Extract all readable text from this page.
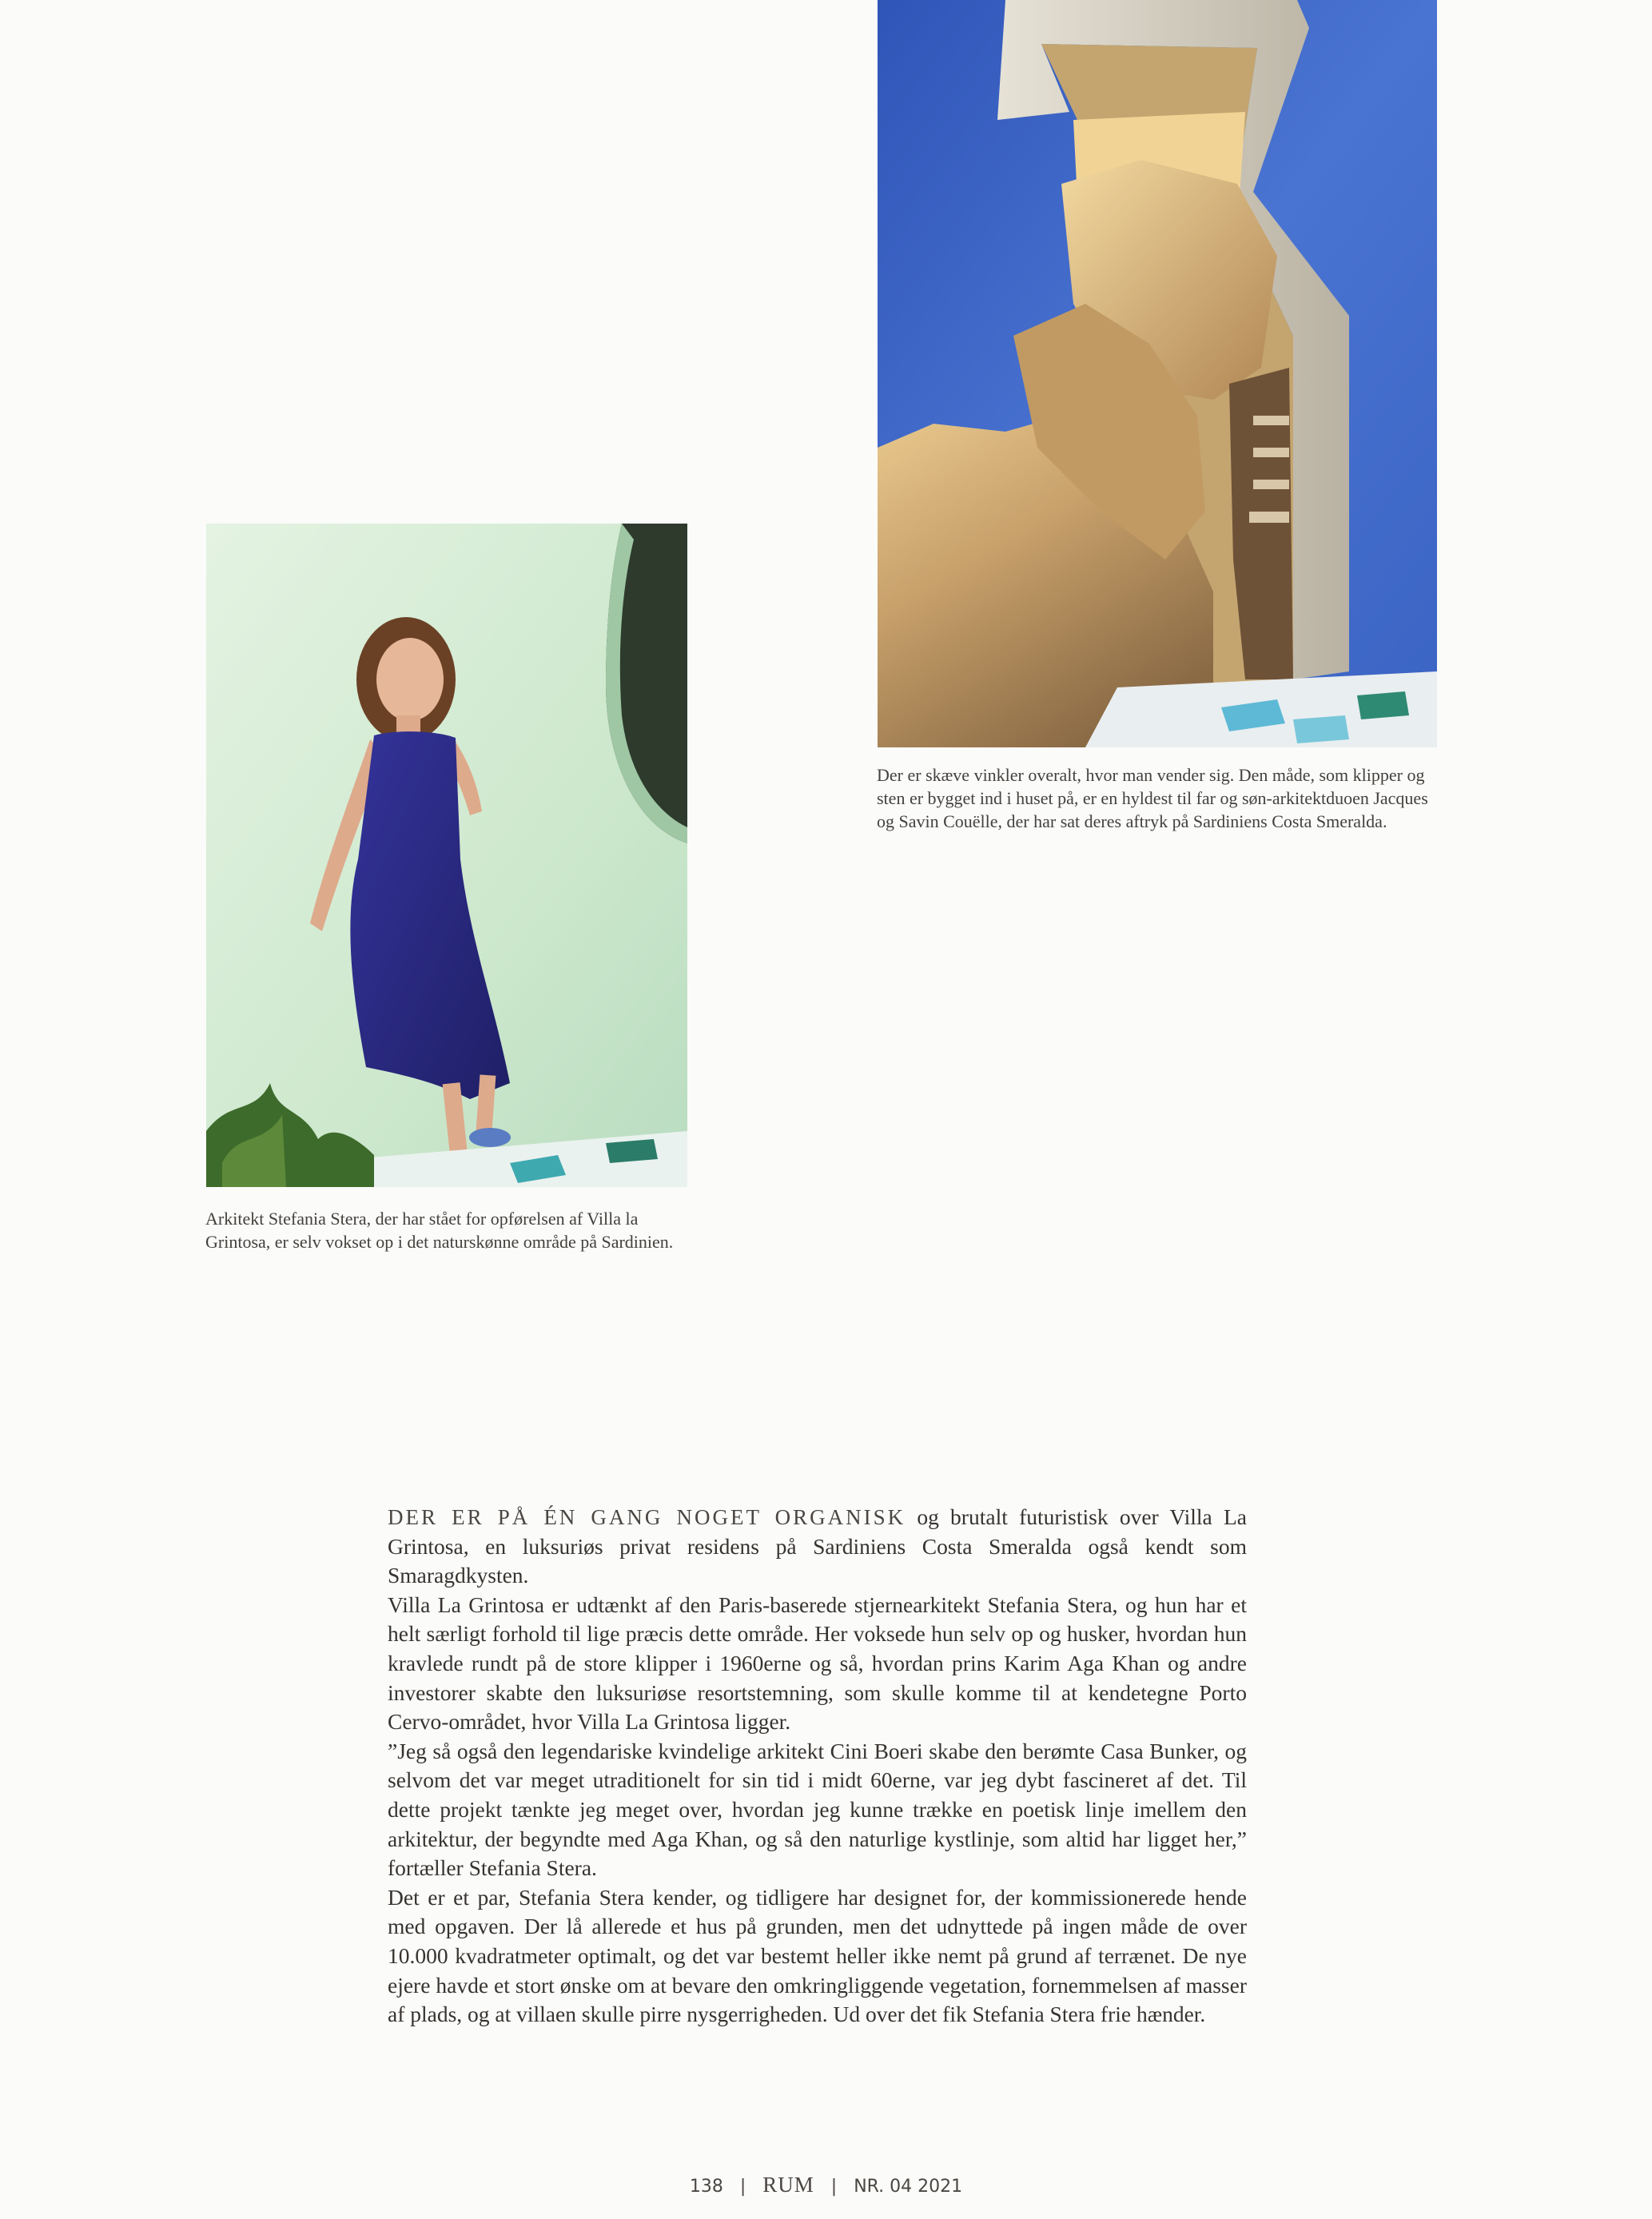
Der er skæve vinkler overalt, hvor man vender sig. Den måde, som klipper og sten er bygget ind i huset på, er en hyldest til far og søn-arkitektduoen Jacques og Savin Couëlle, der har sat deres aftryk på Sardiniens Costa Smeralda.

Arkitekt Stefania Stera, der har stået for opførelsen af Villa la Grintosa, er selv vokset op i det naturskønne område på Sardinien.

DER ER PÅ ÉN GANG NOGET ORGANISK og brutalt futuristisk over Villa La Grintosa, en luksuriøs privat residens på Sardiniens Costa Smeralda også kendt som Smaragdkysten.

Villa La Grintosa er udtænkt af den Paris-baserede stjernearkitekt Stefania Stera, og hun har et helt særligt forhold til lige præcis dette område. Her voksede hun selv op og husker, hvordan hun kravlede rundt på de store klipper i 1960erne og så, hvordan prins Karim Aga Khan og andre investorer skabte den luksuriøse resortstemning, som skulle komme til at kendetegne Porto Cervo-området, hvor Villa La Grintosa ligger.

”Jeg så også den legendariske kvindelige arkitekt Cini Boeri skabe den berømte Casa Bunker, og selvom det var meget utraditionelt for sin tid i midt 60erne, var jeg dybt fascineret af det. Til dette projekt tænkte jeg meget over, hvordan jeg kunne trække en poetisk linje imellem den arkitektur, der begyndte med Aga Khan, og så den naturlige kystlinje, som altid har ligget her,” fortæller Stefania Stera.

Det er et par, Stefania Stera kender, og tidligere har designet for, der kommissionerede hende med opgaven. Der lå allerede et hus på grunden, men det udnyttede på ingen måde de over 10.000 kvadratmeter optimalt, og det var bestemt heller ikke nemt på grund af terrænet. De nye ejere havde et stort ønske om at bevare den omkringliggende vegetation, fornemmelsen af masser af plads, og at villaen skulle pirre nysgerrigheden. Ud over det fik Stefania Stera frie hænder.

138 | RUM | NR. 04 2021
